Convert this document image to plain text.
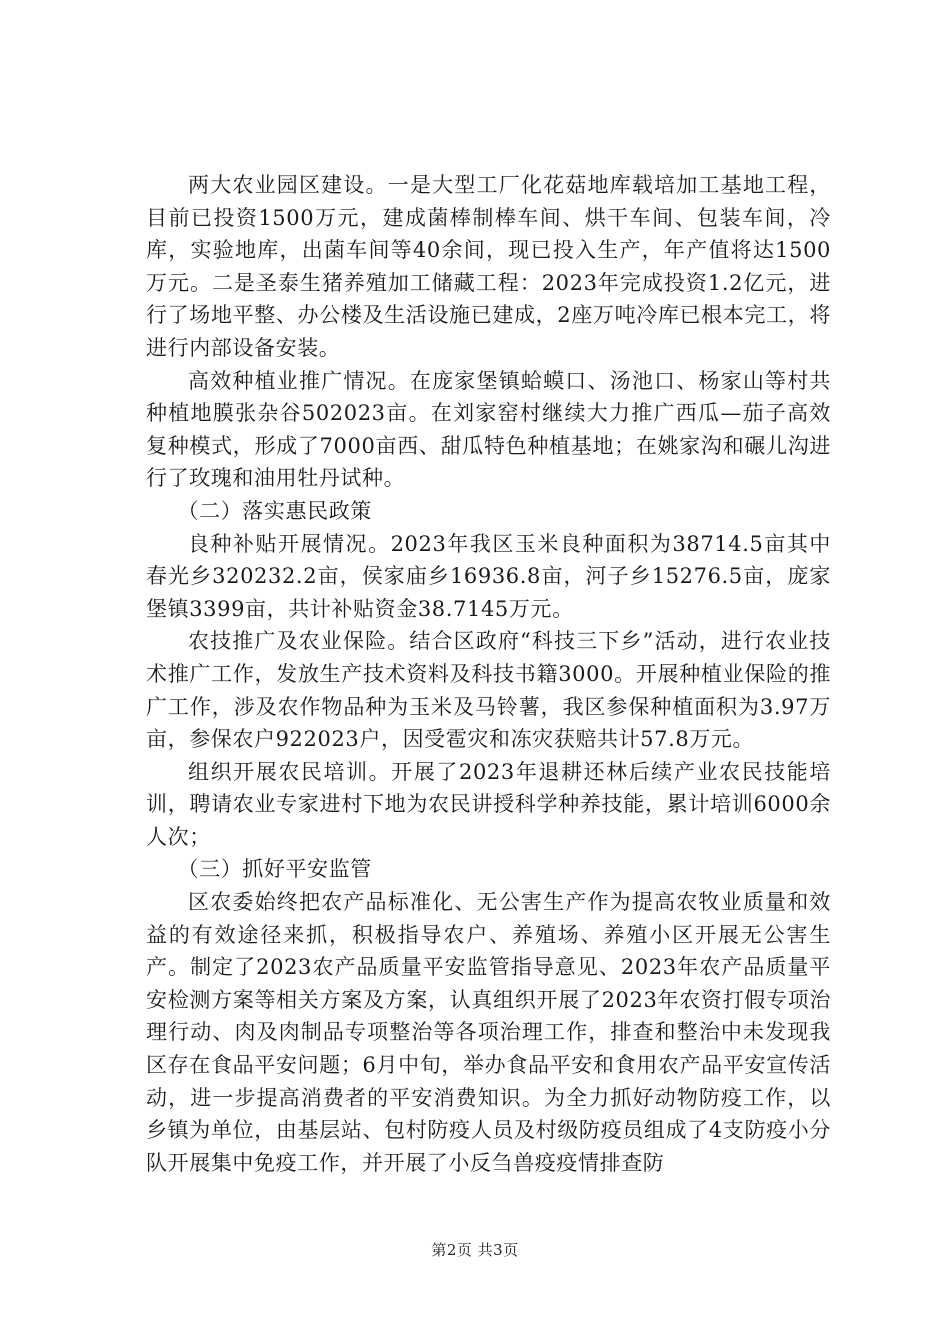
两大农业园区建设。一是大型工厂化花菇地库载培加工基地工程，目前已投资1500万元，建成菌棒制棒车间、烘干车间、包装车间，冷库，实验地库，出菌车间等40余间，现已投入生产，年产值将达1500万元。二是圣泰生猪养殖加工储藏工程：2023年完成投资1.2亿元，进行了场地平整、办公楼及生活设施已建成，2座万吨冷库已根本完工，将进行内部设备安装。

高效种植业推广情况。在庞家堡镇蛤蟆口、汤池口、杨家山等村共种植地膜张杂谷502023亩。在刘家窑村继续大力推广西瓜—茄子高效复种模式，形成了7000亩西、甜瓜特色种植基地；在姚家沟和碾儿沟进行了玫瑰和油用牡丹试种。

（二）落实惠民政策

良种补贴开展情况。2023年我区玉米良种面积为38714.5亩其中春光乡320232.2亩，侯家庙乡16936.8亩，河子乡15276.5亩，庞家堡镇3399亩，共计补贴资金38.7145万元。

农技推广及农业保险。结合区政府“科技三下乡”活动，进行农业技术推广工作，发放生产技术资料及科技书籍3000。开展种植业保险的推广工作，涉及农作物品种为玉米及马铃薯，我区参保种植面积为3.97万亩，参保农户922023户，因受雹灾和冻灾获赔共计57.8万元。

组织开展农民培训。开展了2023年退耕还林后续产业农民技能培训，聘请农业专家进村下地为农民讲授科学种养技能，累计培训6000余人次；

（三）抓好平安监管

区农委始终把农产品标准化、无公害生产作为提高农牧业质量和效益的有效途径来抓，积极指导农户、养殖场、养殖小区开展无公害生产。制定了2023农产品质量平安监管指导意见、2023年农产品质量平安检测方案等相关方案及方案，认真组织开展了2023年农资打假专项治理行动、肉及肉制品专项整治等各项治理工作，排查和整治中未发现我区存在食品平安问题；6月中旬，举办食品平安和食用农产品平安宣传活动，进一步提高消费者的平安消费知识。为全力抓好动物防疫工作，以乡镇为单位，由基层站、包村防疫人员及村级防疫员组成了4支防疫小分队开展集中免疫工作，并开展了小反刍兽疫疫情排查防

第2页 共3页
